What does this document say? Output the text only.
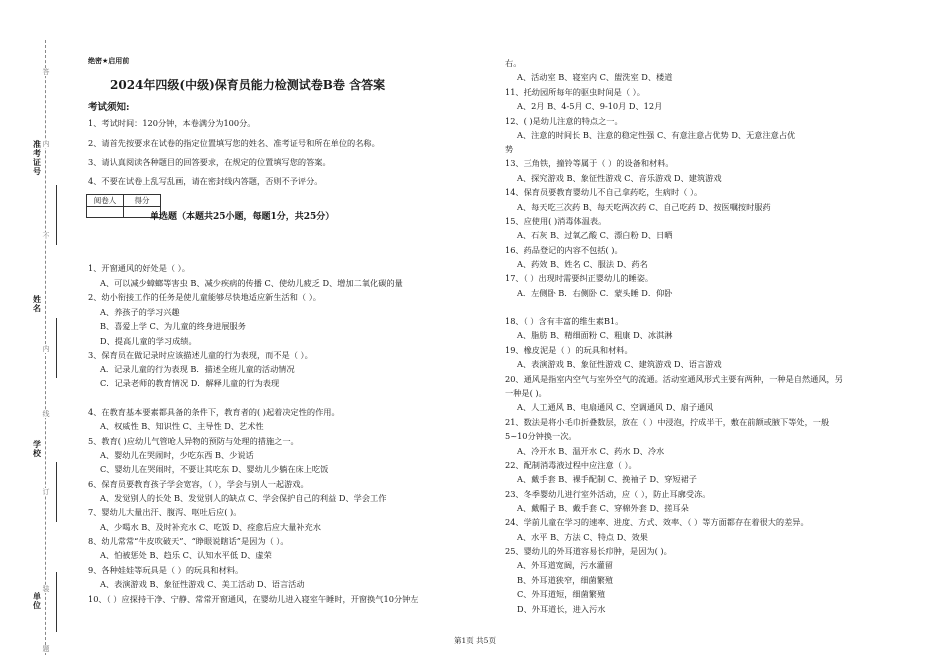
准考证号
姓名
学校
单位
答
内
不
内
线
订
装
题
绝密★启用前
2024年四级(中级)保育员能力检测试卷B卷 含答案
考试须知:
1、考试时间：120分钟，本卷满分为100分。
2、请首先按要求在试卷的指定位置填写您的姓名、准考证号和所在单位的名称。
3、请认真阅读各种题目的回答要求，在规定的位置填写您的答案。
4、不要在试卷上乱写乱画，请在密封线内答题，否则不予评分。
阅卷人	得分

单选题（本题共25小题，每题1分，共25分）
1、开窗通风的好处是（ ）。
A、可以减少蟑螂等害虫 B、减少疾病的传播 C、使幼儿疲乏 D、增加二氧化碳的量
2、幼小衔接工作的任务是使儿童能够尽快地适应新生活和（ ）。
A、养孩子的学习兴趣
B、喜爱上学 C、为儿童的终身进展服务
D、提高儿童的学习成绩。
3、保育员在做记录时应该描述儿童的行为表现，而不是（ ）。
A．记录儿童的行为表现 B．描述全班儿童的活动情况
C．记录老师的教育情况 D．解释儿童的行为表现
4、在教育基本要素都具备的条件下，教育者的( )起着决定性的作用。
A、权威性 B、知识性 C、主导性 D、艺术性
5、教育( )应幼儿气管呛人异物的预防与处理的措施之一。
A、婴幼儿在哭闹时，少吃东西 B、少说话
C、婴幼儿在哭闹时，不要让其吃东 D、婴幼儿少躺在床上吃饭
6、保育员要教育孩子学会宽容，（ ），学会与别人一起游戏。
A、发觉别人的长处 B、发觉别人的缺点 C、学会保护自己的利益 D、学会工作
7、婴幼儿大量出汗、腹泻、呕吐后应( )。
A、少喝水 B、及时补充水 C、吃饭 D、痊愈后应大量补充水
8、幼儿常常“牛皮吹破天”、“睁眼说瞎话”是因为（ ）。
A、怕被惩处 B、趋乐 C、认知水平低 D、虚荣
9、各种娃娃等玩具是（ ）的玩具和材料。
A、表演游戏 B、象征性游戏 C、美工活动 D、语言活动
10、（ ）应探持干净、宁静、常常开窗通风，在婴幼儿进入寝室午睡时，开窗换气10分钟左
右。
A、活动室 B、寝室内 C、盥洗室 D、楼道
11、托幼园所每年的驱虫时间是（ ）。
A、2月 B、4-5月 C、9-10月 D、12月
12、( )是幼儿注意的特点之一。
A、注意的时间长 B、注意的稳定性强 C、有意注意占优势 D、无意注意占优
势
13、三角铁，撞铃等属于（ ）的设备和材料。
A、探究游戏 B、象征性游戏 C、音乐游戏 D、建筑游戏
14、保育员要教育婴幼儿不自己拿药吃，生病时（ ）。
A、每天吃三次药 B、每天吃两次药 C、自己吃药 D、按医嘱按时服药
15、应使用( )消毒体温表。
A、石灰 B、过氧乙酸 C、漂白粉 D、日晒
16、药品登记的内容不包括( )。
A、药效 B、姓名 C、服法 D、药名
17、（ ）出现时需要纠正婴幼儿的睡姿。
A．左侧卧 B．右侧卧 C．蒙头睡 D．仰卧
18、（ ）含有丰富的维生素B1。
A、脂肪 B、精细面粉 C、粗康 D、冰淇淋
19、橡皮泥是（ ）的玩具和材料。
A、表演游戏 B、象征性游戏 C、建筑游戏 D、语言游戏
20、通风是指室内空气与室外空气的流通。活动室通风形式主要有两种，一种是自然通风，另
一种是( )。
A、人工通风 B、电扇通风 C、空调通风 D、扇子通风
21、数法是将小毛巾折叠数层，放在（ ）中浸泡，拧成半干，敷在前额或腋下等处，一般
5~10分钟换一次。
A、冷开水 B、温开水 C、药水 D、冷水
22、配制消毒液过程中应注意（ ）。
A、戴手套 B、裸手配制 C、挽袖子 D、穿短裙子
23、冬季婴幼儿进行室外活动，应（ ），防止耳廓受冻。
A、戴帽子 B、戴手套 C、穿棉外套 D、搓耳朵
24、学前儿童在学习的速率、进度、方式、效率、（ ）等方面都存在着很大的差异。
A、水平 B、方法 C、特点 D、效果
25、婴幼儿的外耳道容易长疖肿，是因为( )。
A、外耳道宽阔，污水灌留
B、外耳道狭窄，细菌繁殖
C、外耳道短，细菌繁殖
D、外耳道长，进入污水
第1页 共5页
